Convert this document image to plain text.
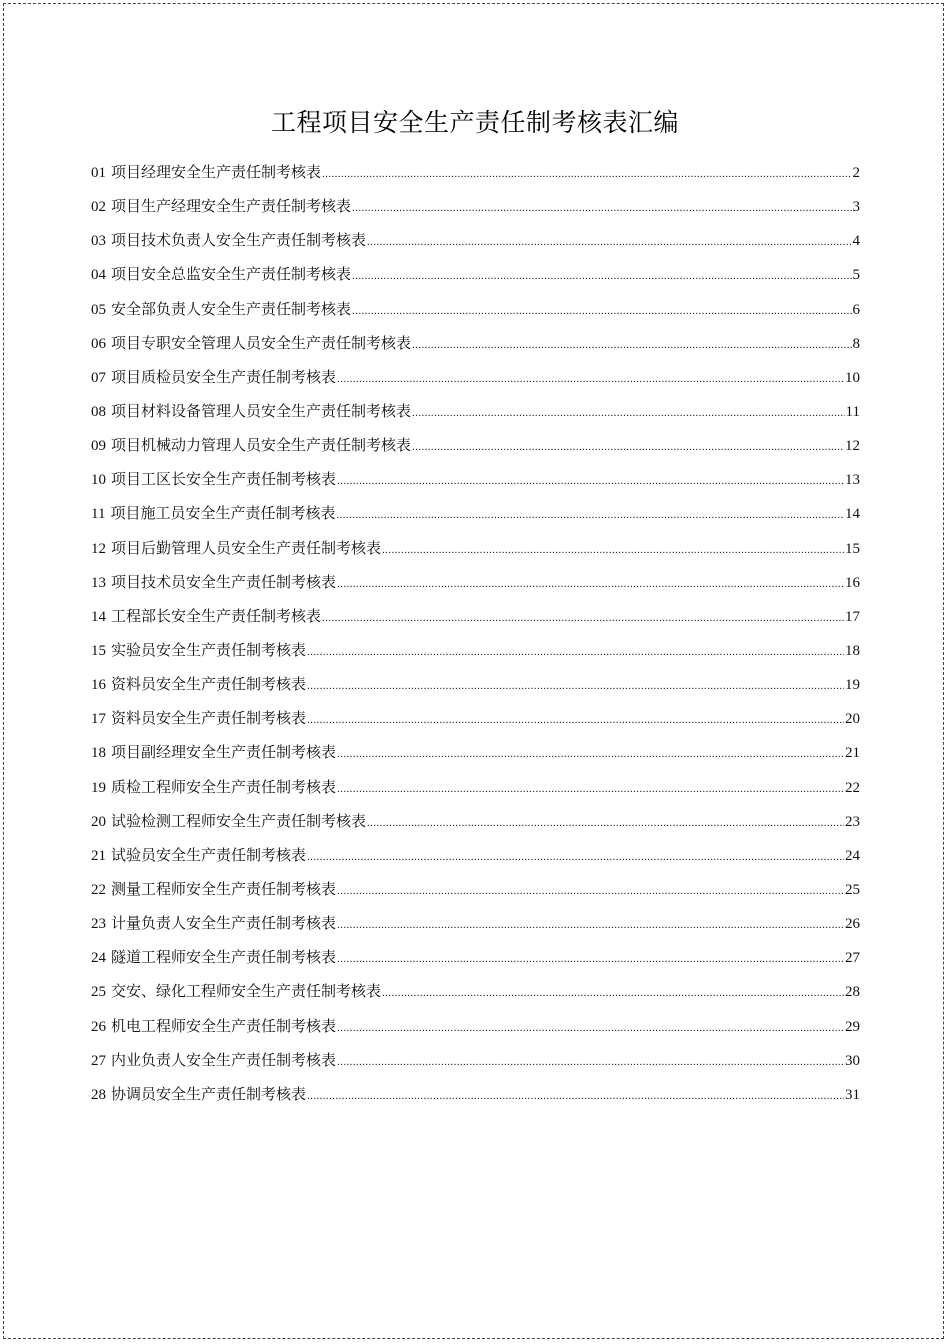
工程项目安全生产责任制考核表汇编
01 项目经理安全生产责任制考核表 .....	2
02 项目生产经理安全生产责任制考核表 .....	3
03 项目技术负责人安全生产责任制考核表 .....	4
04 项目安全总监安全生产责任制考核表 .....	5
05 安全部负责人安全生产责任制考核表 .....	6
06 项目专职安全管理人员安全生产责任制考核表 .....	8
07 项目质检员安全生产责任制考核表 .....	10
08 项目材料设备管理人员安全生产责任制考核表 .....	11
09 项目机械动力管理人员安全生产责任制考核表 .....	12
10 项目工区长安全生产责任制考核表 .....	13
11 项目施工员安全生产责任制考核表 .....	14
12 项目后勤管理人员安全生产责任制考核表 .....	15
13 项目技术员安全生产责任制考核表 .....	16
14 工程部长安全生产责任制考核表 .....	17
15 实验员安全生产责任制考核表 .....	18
16 资料员安全生产责任制考核表 .....	19
17 资料员安全生产责任制考核表 .....	20
18 项目副经理安全生产责任制考核表 .....	21
19 质检工程师安全生产责任制考核表 .....	22
20 试验检测工程师安全生产责任制考核表 .....	23
21 试验员安全生产责任制考核表 .....	24
22 测量工程师安全生产责任制考核表 .....	25
23 计量负责人安全生产责任制考核表 .....	26
24 隧道工程师安全生产责任制考核表 .....	27
25 交安、绿化工程师安全生产责任制考核表 .....	28
26 机电工程师安全生产责任制考核表 .....	29
27 内业负责人安全生产责任制考核表 .....	30
28 协调员安全生产责任制考核表 .....	31
